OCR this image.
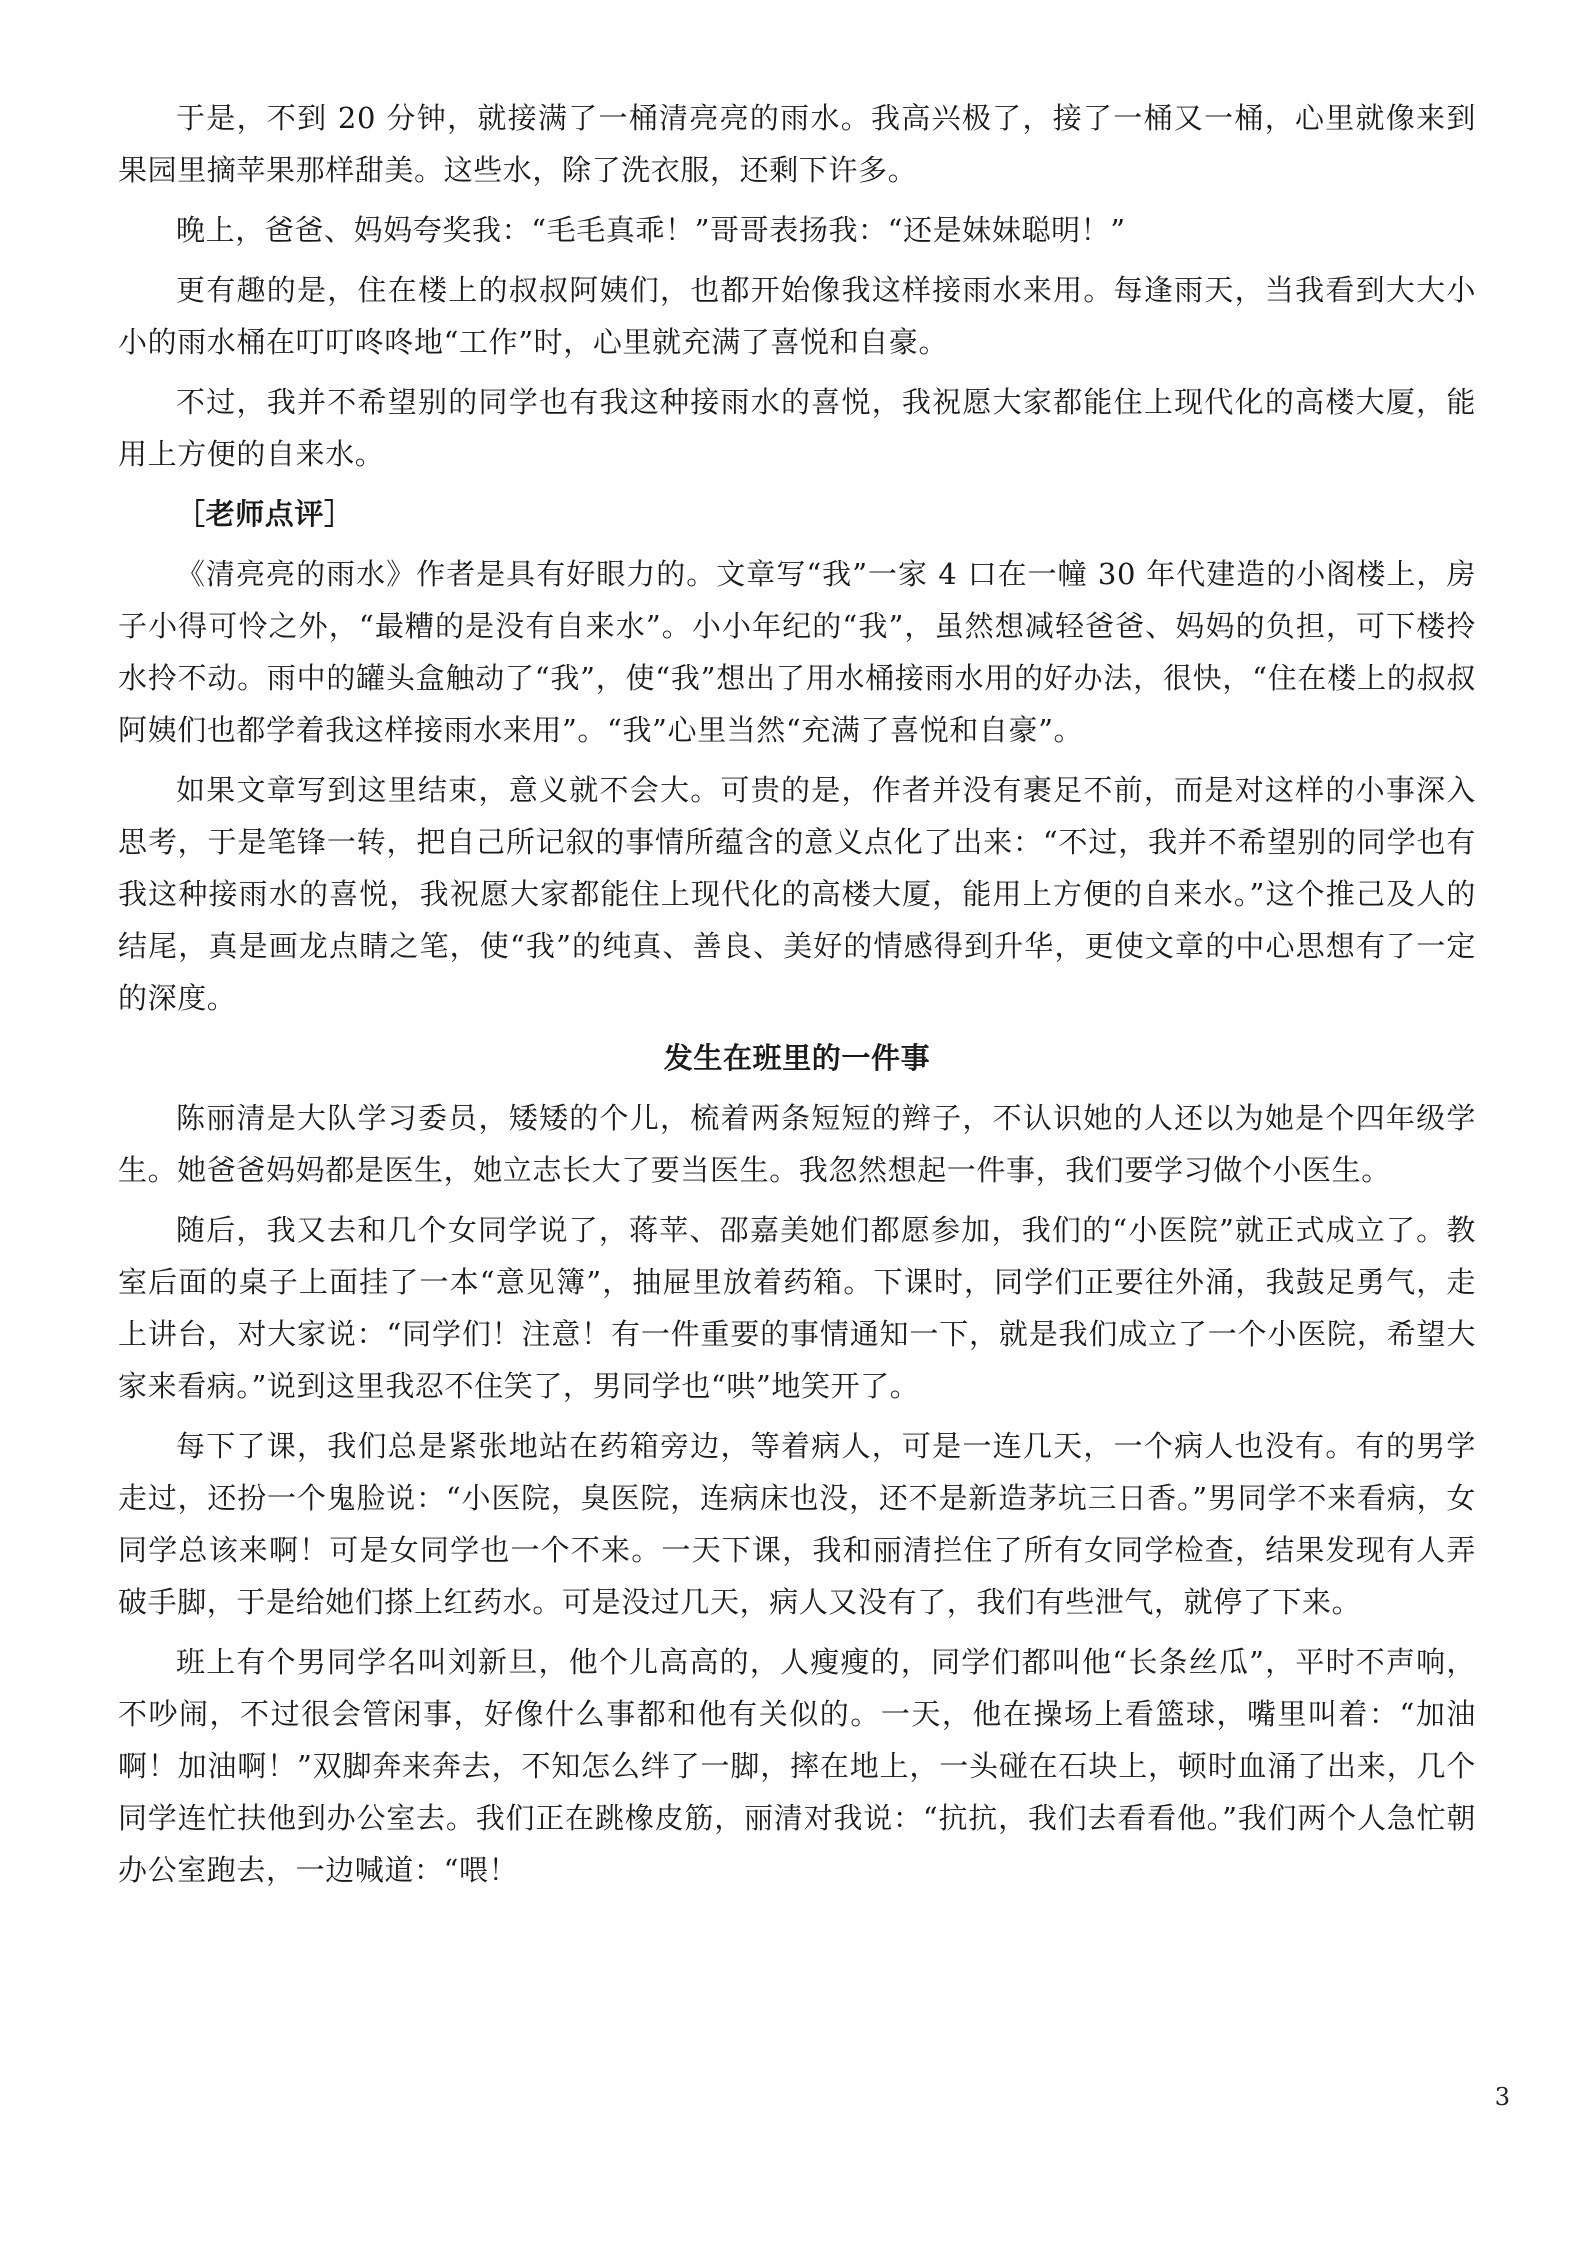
于是，不到 20 分钟，就接满了一桶清亮亮的雨水。我高兴极了，接了一桶又一桶，心里就像来到果园里摘苹果那样甜美。这些水，除了洗衣服，还剩下许多。

晚上，爸爸、妈妈夸奖我：“毛毛真乖！”哥哥表扬我：“还是妹妹聪明！”

更有趣的是，住在楼上的叔叔阿姨们，也都开始像我这样接雨水来用。每逢雨天，当我看到大大小小的雨水桶在叮叮咚咚地“工作”时，心里就充满了喜悦和自豪。

不过，我并不希望别的同学也有我这种接雨水的喜悦，我祝愿大家都能住上现代化的高楼大厦，能用上方便的自来水。

［老师点评］

《清亮亮的雨水》作者是具有好眼力的。文章写“我”一家 4 口在一幢 30 年代建造的小阁楼上，房子小得可怜之外，“最糟的是没有自来水”。小小年纪的“我”，虽然想减轻爸爸、妈妈的负担，可下楼拎水拎不动。雨中的罐头盒触动了“我”，使“我”想出了用水桶接雨水用的好办法，很快，“住在楼上的叔叔阿姨们也都学着我这样接雨水来用”。“我”心里当然“充满了喜悦和自豪”。

如果文章写到这里结束，意义就不会大。可贵的是，作者并没有裹足不前，而是对这样的小事深入思考，于是笔锋一转，把自己所记叙的事情所蕴含的意义点化了出来：“不过，我并不希望别的同学也有我这种接雨水的喜悦，我祝愿大家都能住上现代化的高楼大厦，能用上方便的自来水。”这个推己及人的结尾，真是画龙点睛之笔，使“我”的纯真、善良、美好的情感得到升华，更使文章的中心思想有了一定的深度。

发生在班里的一件事

陈丽清是大队学习委员，矮矮的个儿，梳着两条短短的辫子，不认识她的人还以为她是个四年级学生。她爸爸妈妈都是医生，她立志长大了要当医生。我忽然想起一件事，我们要学习做个小医生。

随后，我又去和几个女同学说了，蒋苹、邵嘉美她们都愿参加，我们的“小医院”就正式成立了。教室后面的桌子上面挂了一本“意见簿”，抽屉里放着药箱。下课时，同学们正要往外涌，我鼓足勇气，走上讲台，对大家说：“同学们！注意！有一件重要的事情通知一下，就是我们成立了一个小医院，希望大家来看病。”说到这里我忍不住笑了，男同学也“哄”地笑开了。

每下了课，我们总是紧张地站在药箱旁边，等着病人，可是一连几天，一个病人也没有。有的男学走过，还扮一个鬼脸说：“小医院，臭医院，连病床也没，还不是新造茅坑三日香。”男同学不来看病，女同学总该来啊！可是女同学也一个不来。一天下课，我和丽清拦住了所有女同学检查，结果发现有人弄破手脚，于是给她们搽上红药水。可是没过几天，病人又没有了，我们有些泄气，就停了下来。

班上有个男同学名叫刘新旦，他个儿高高的，人瘦瘦的，同学们都叫他“长条丝瓜”，平时不声响，不吵闹，不过很会管闲事，好像什么事都和他有关似的。一天，他在操场上看篮球，嘴里叫着：“加油啊！加油啊！”双脚奔来奔去，不知怎么绊了一脚，摔在地上，一头碰在石块上，顿时血涌了出来，几个同学连忙扶他到办公室去。我们正在跳橡皮筋，丽清对我说：“抗抗，我们去看看他。”我们两个人急忙朝办公室跑去，一边喊道：“喂！

3
